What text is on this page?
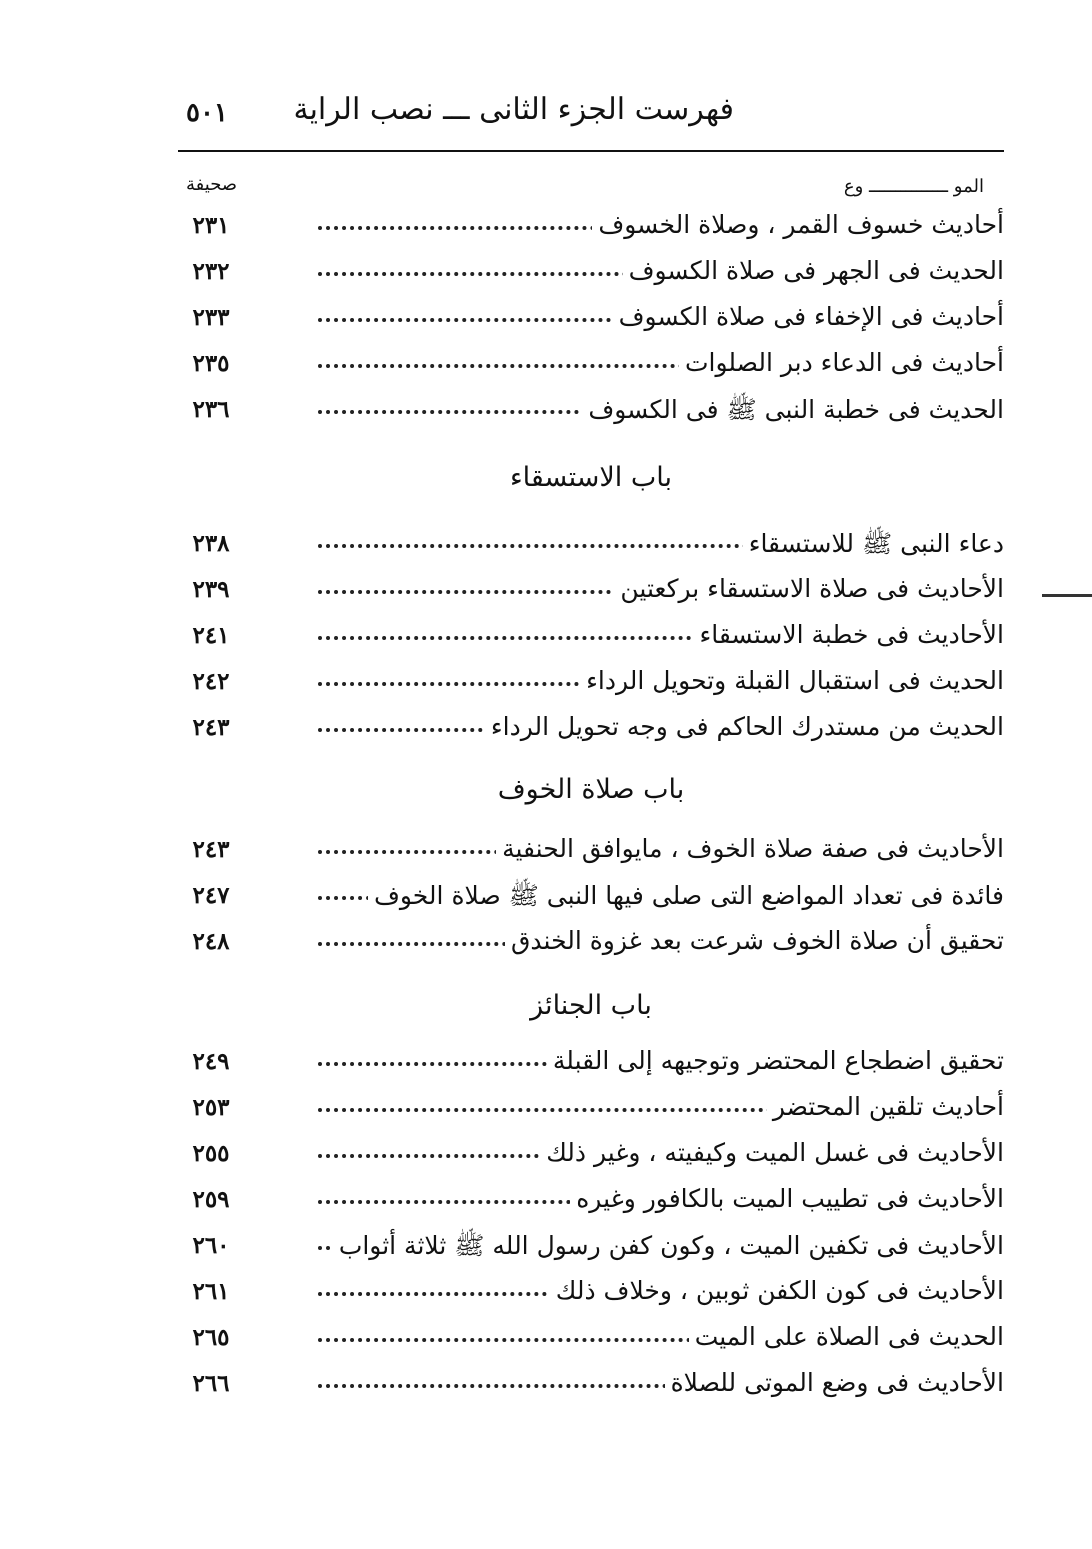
فهرست الجزء الثانى ـــ نصب الراية
٥٠١
صحيفة	المو ـــــــــــــــ وع
أحاديث خسوف القمر ، وصلاة الخسوف
٢٣١
الحديث فى الجهر فى صلاة الكسوف
٢٣٢
أحاديث فى الإخفاء فى صلاة الكسوف
٢٣٣
أحاديث فى الدعاء دبر الصلوات
٢٣٥
الحديث فى خطبة النبى ﷺ فى الكسوف
٢٣٦
باب الاستسقاء
دعاء النبى ﷺ للاستسقاء
٢٣٨
الأحاديث فى صلاة الاستسقاء بركعتين
٢٣٩
الأحاديث فى خطبة الاستسقاء
٢٤١
الحديث فى استقبال القبلة وتحويل الرداء
٢٤٢
الحديث من مستدرك الحاكم فى وجه تحويل الرداء
٢٤٣
باب صلاة الخوف
الأحاديث فى صفة صلاة الخوف ، مايوافق الحنفية
٢٤٣
فائدة فى تعداد المواضع التى صلى فيها النبى ﷺ صلاة الخوف
٢٤٧
تحقيق أن صلاة الخوف شرعت بعد غزوة الخندق
٢٤٨
باب الجنائز
تحقيق اضطجاع المحتضر وتوجيهه إلى القبلة
٢٤٩
أحاديث تلقين المحتضر
٢٥٣
الأحاديث فى غسل الميت وكيفيته ، وغير ذلك
٢٥٥
الأحاديث فى تطييب الميت بالكافور وغيره
٢٥٩
الأحاديث فى تكفين الميت ، وكون كفن رسول الله ﷺ ثلاثة أثواب
٢٦٠
الأحاديث فى كون الكفن ثوبين ، وخلاف ذلك
٢٦١
الحديث فى الصلاة على الميت
٢٦٥
الأحاديث فى وضع الموتى للصلاة
٢٦٦
